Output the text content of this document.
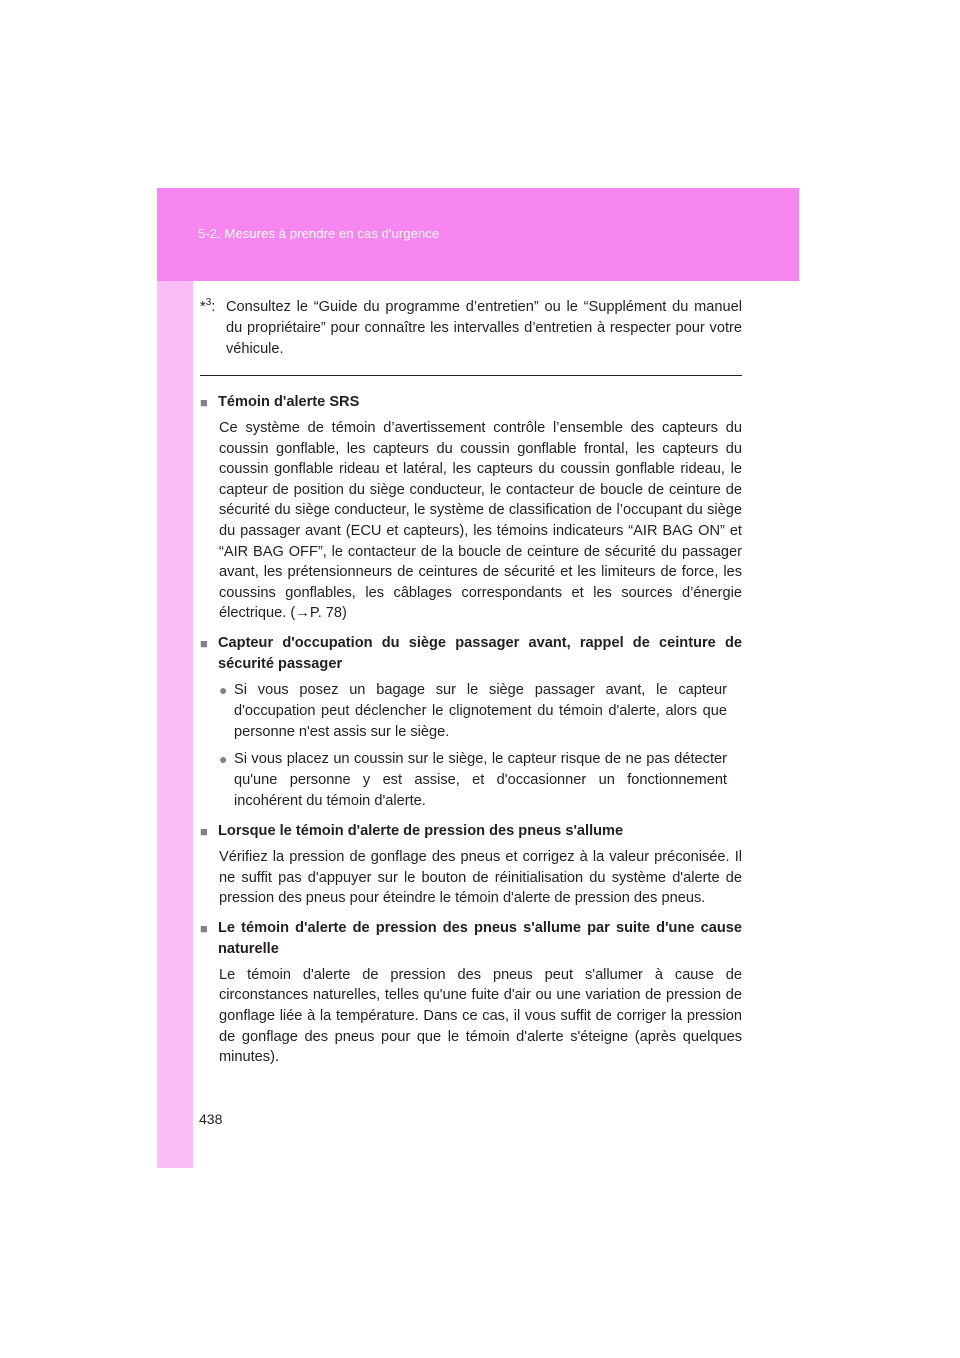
5-2. Mesures à prendre en cas d'urgence
*$^3$: Consultez le “Guide du programme d’entretien” ou le “Supplément du manuel du propriétaire” pour connaître les intervalles d’entretien à respecter pour votre véhicule.
■ Témoin d'alerte SRS
Ce système de témoin d’avertissement contrôle l’ensemble des capteurs du coussin gonflable, les capteurs du coussin gonflable frontal, les capteurs du coussin gonflable rideau et latéral, les capteurs du coussin gonflable rideau, le capteur de position du siège conducteur, le contacteur de boucle de ceinture de sécurité du siège conducteur, le système de classification de l’occupant du siège du passager avant (ECU et capteurs), les témoins indicateurs “AIR BAG ON” et “AIR BAG OFF”, le contacteur de la boucle de ceinture de sécurité du passager avant, les prétensionneurs de ceintures de sécurité et les limiteurs de force, les coussins gonflables, les câblages correspondants et les sources d’énergie électrique. (→P. 78)
■ Capteur d'occupation du siège passager avant, rappel de ceinture de sécurité passager
● Si vous posez un bagage sur le siège passager avant, le capteur d'occupation peut déclencher le clignotement du témoin d'alerte, alors que personne n'est assis sur le siège.
● Si vous placez un coussin sur le siège, le capteur risque de ne pas détecter qu'une personne y est assise, et d'occasionner un fonctionnement incohérent du témoin d'alerte.
■ Lorsque le témoin d'alerte de pression des pneus s'allume
Vérifiez la pression de gonflage des pneus et corrigez à la valeur préconisée. Il ne suffit pas d'appuyer sur le bouton de réinitialisation du système d'alerte de pression des pneus pour éteindre le témoin d'alerte de pression des pneus.
■ Le témoin d'alerte de pression des pneus s'allume par suite d'une cause naturelle
Le témoin d'alerte de pression des pneus peut s'allumer à cause de circonstances naturelles, telles qu'une fuite d'air ou une variation de pression de gonflage liée à la température. Dans ce cas, il vous suffit de corriger la pression de gonflage des pneus pour que le témoin d'alerte s'éteigne (après quelques minutes).
438
